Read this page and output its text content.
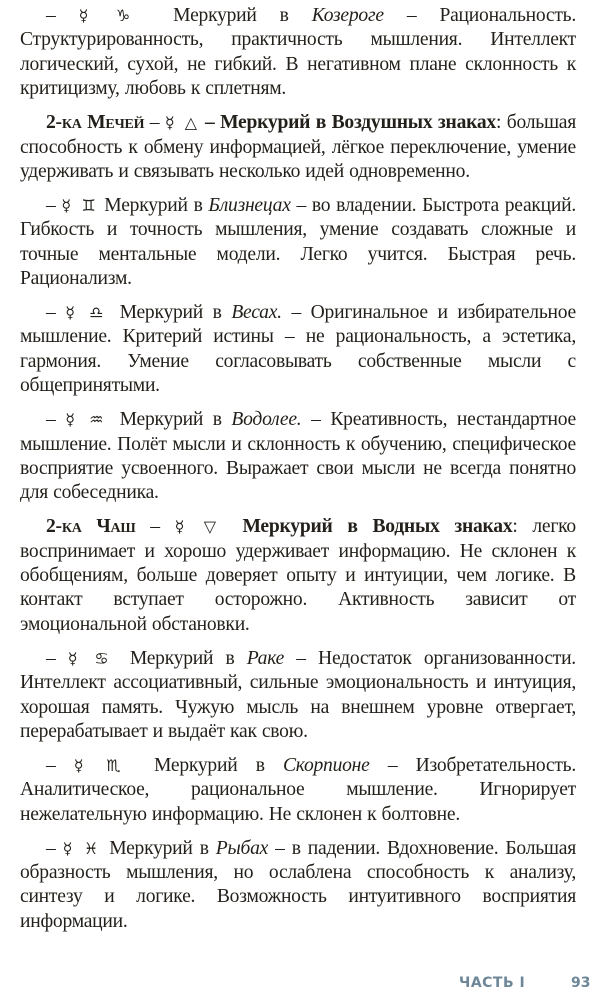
– ☿ ♑ Меркурий в Козероге – Рациональность. Структурированность, практичность мышления. Интеллект логический, сухой, не гибкий. В негативном плане склонность к критицизму, любовь к сплетням.

2-ка Мечей – ☿ △ – Меркурий в Воздушных знаках: большая способность к обмену информацией, лёгкое переключение, умение удерживать и связывать несколько идей одновременно.

– ☿ ♊ Меркурий в Близнецах – во владении. Быстрота реакций. Гибкость и точность мышления, умение создавать сложные и точные ментальные модели. Легко учится. Быстрая речь. Рационализм.

– ☿ ♎ Меркурий в Весах. – Оригинальное и избирательное мышление. Критерий истины – не рациональность, а эстетика, гармония. Умение согласовывать собственные мысли с общепринятыми.

– ☿ ♒ Меркурий в Водолее. – Креативность, нестандартное мышление. Полёт мысли и склонность к обучению, специфическое восприятие усвоенного. Выражает свои мысли не всегда понятно для собеседника.

2-ка Чаш – ☿ ▽ Меркурий в Водных знаках: легко воспринимает и хорошо удерживает информацию. Не склонен к обобщениям, больше доверяет опыту и интуиции, чем логике. В контакт вступает осторожно. Активность зависит от эмоциональной обстановки.

– ☿ ♋ Меркурий в Раке – Недостаток организованности. Интеллект ассоциативный, сильные эмоциональность и интуиция, хорошая память. Чужую мысль на внешнем уровне отвергает, перерабатывает и выдаёт как свою.

– ☿ ♏ Меркурий в Скорпионе – Изобретательность. Аналитическое, рациональное мышление. Игнорирует нежелательную информацию. Не склонен к болтовне.

– ☿ ♓ Меркурий в Рыбах – в падении. Вдохновение. Большая образность мышления, но ослаблена способность к анализу, синтезу и логике. Возможность интуитивного восприятия информации.

ЧАСТЬ I	93
